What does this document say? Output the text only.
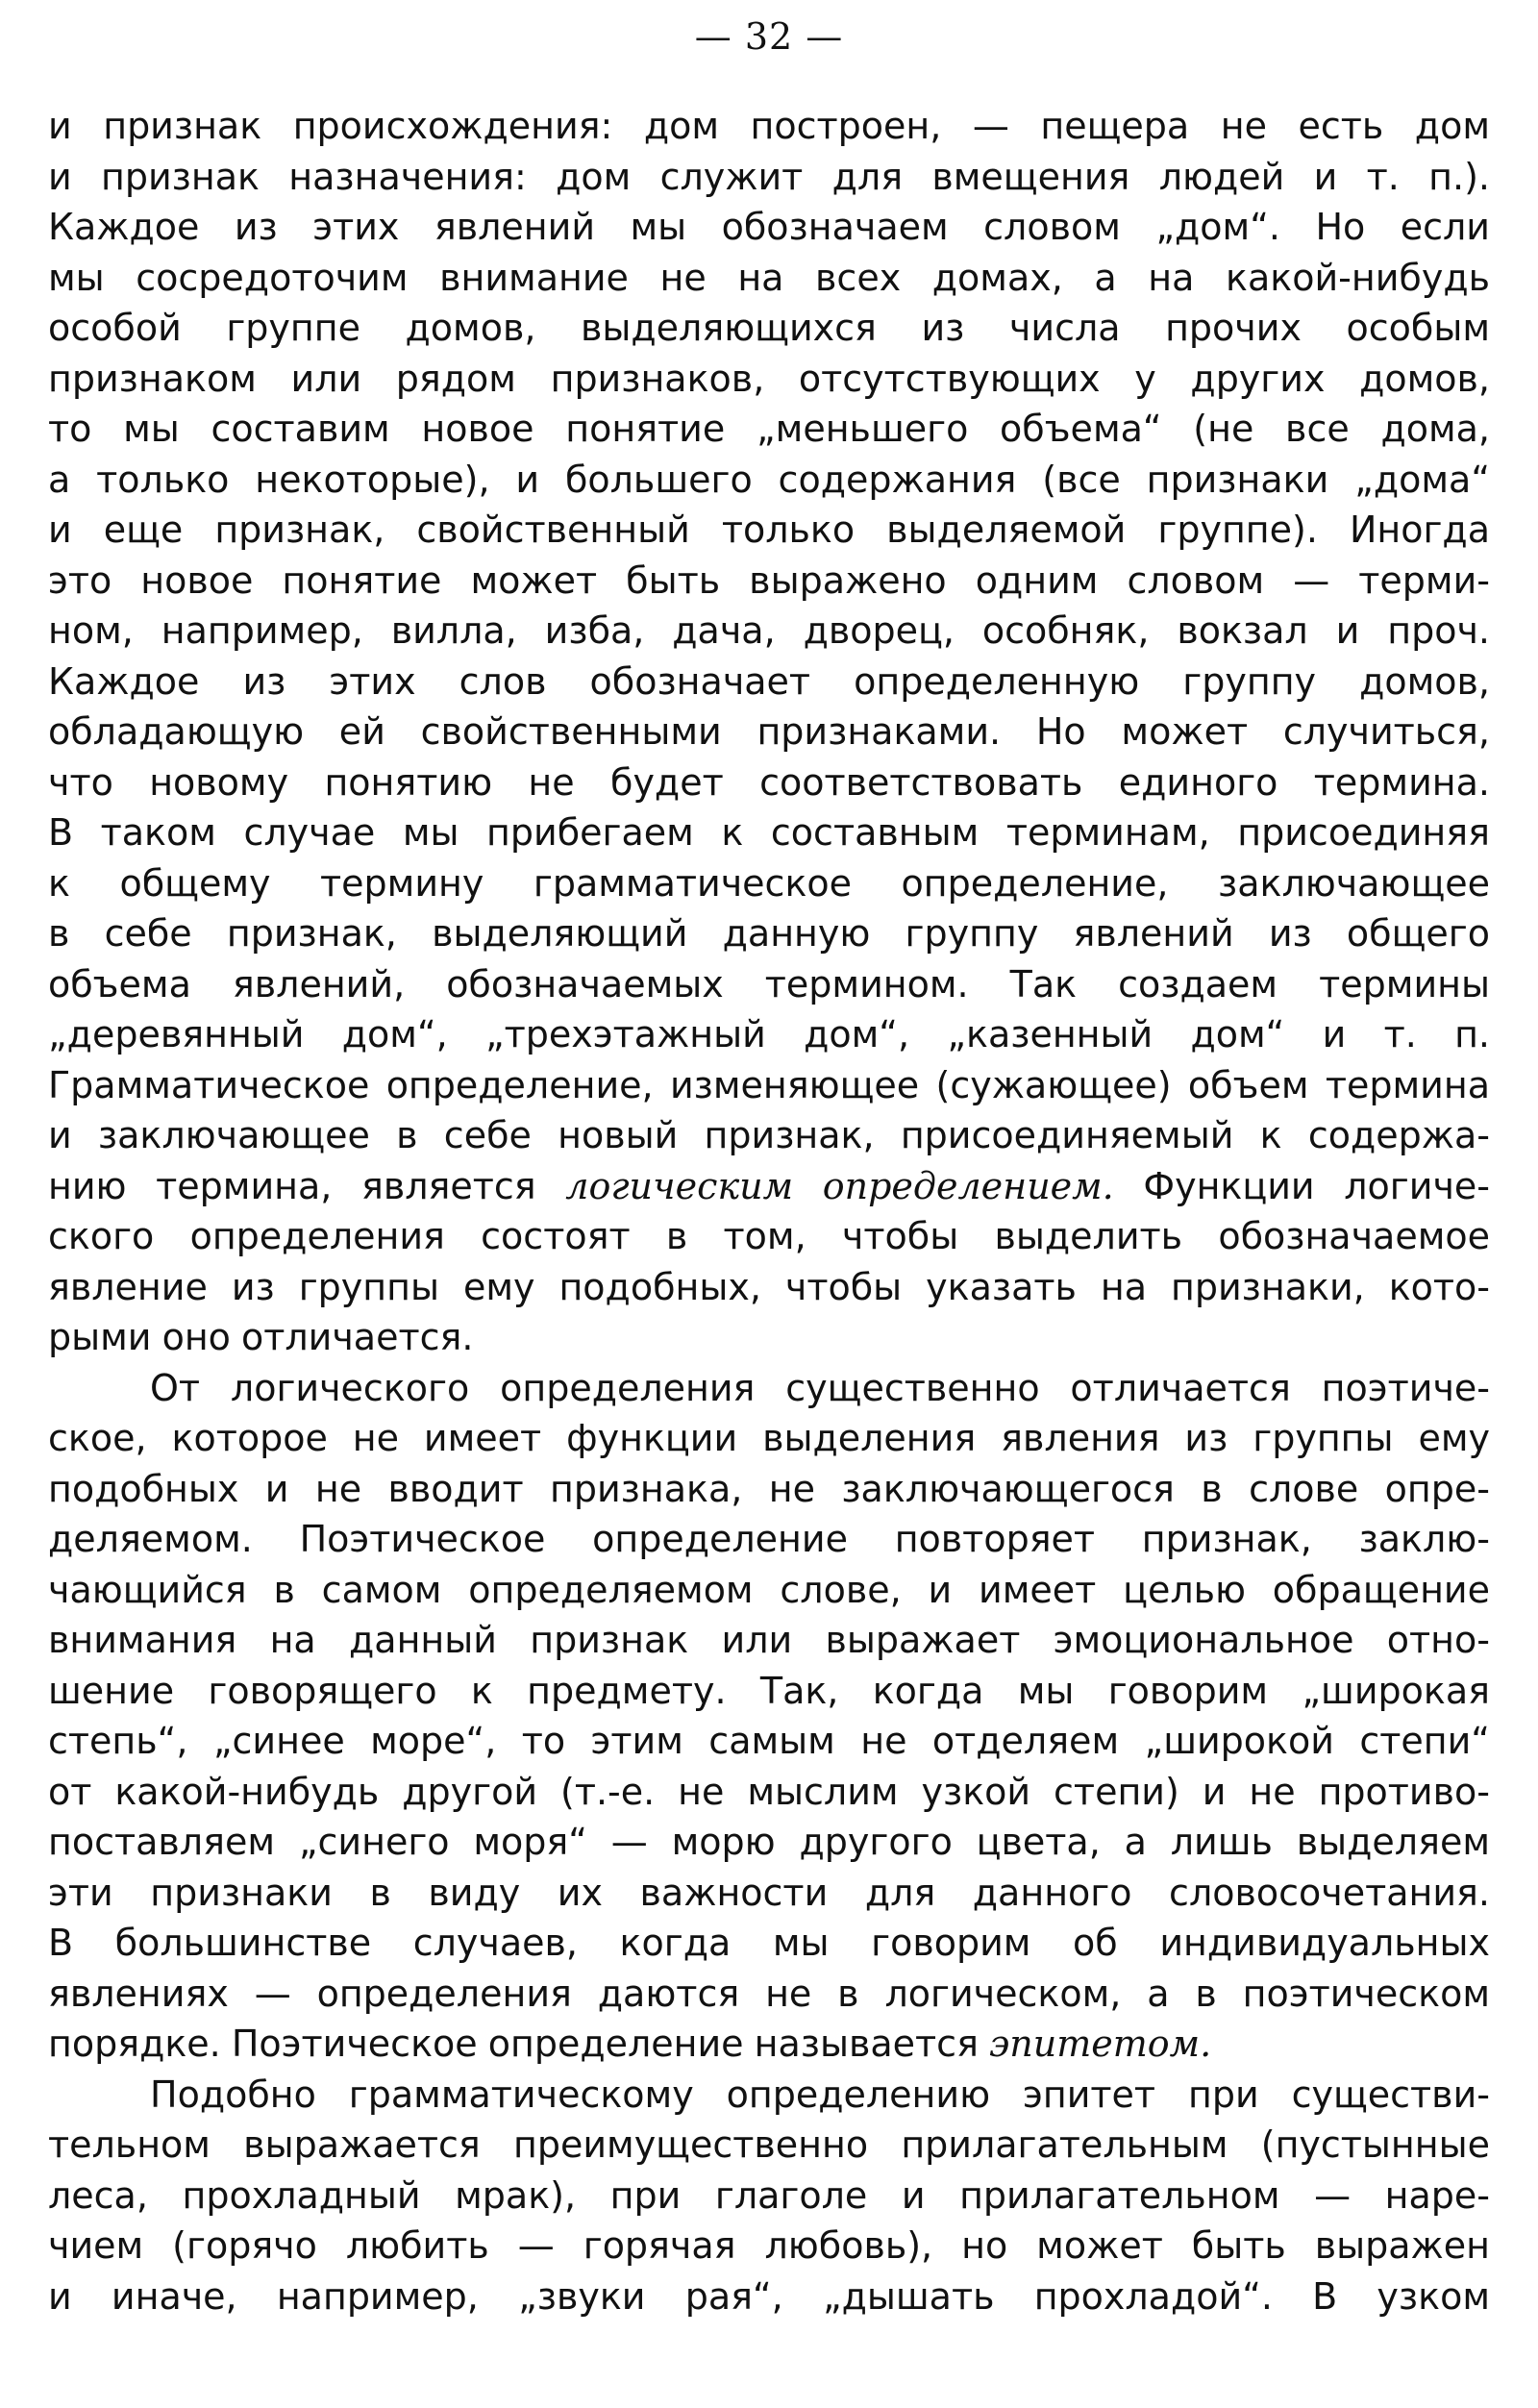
— 32 —
и признак происхождения: дом построен, — пещера не есть дом
и признак назначения: дом служит для вмещения людей и т. п.).
Каждое из этих явлений мы обозначаем словом „дом“. Но если
мы сосредоточим внимание не на всех домах, а на какой-нибудь
особой группе домов, выделяющихся из числа прочих особым
признаком или рядом признаков, отсутствующих у других домов,
то мы составим новое понятие „меньшего объема“ (не все дома,
а только некоторые), и большего содержания (все признаки „дома“
и еще признак, свойственный только выделяемой группе). Иногда
это новое понятие может быть выражено одним словом — терми-
ном, например, вилла, изба, дача, дворец, особняк, вокзал и проч.
Каждое из этих слов обозначает определенную группу домов,
обладающую ей свойственными признаками. Но может случиться,
что новому понятию не будет соответствовать единого термина.
В таком случае мы прибегаем к составным терминам, присоединяя
к общему термину грамматическое определение, заключающее
в себе признак, выделяющий данную группу явлений из общего
объема явлений, обозначаемых термином. Так создаем термины
„деревянный дом“, „трехэтажный дом“, „казенный дом“ и т. п.
Грамматическое определение, изменяющее (сужающее) объем термина
и заключающее в себе новый признак, присоединяемый к содержа-
нию термина, является логическим определением. Функции логиче-
ского определения состоят в том, чтобы выделить обозначаемое
явление из группы ему подобных, чтобы указать на признаки, кото-
рыми оно отличается.
От логического определения существенно отличается поэтиче-
ское, которое не имеет функции выделения явления из группы ему
подобных и не вводит признака, не заключающегося в слове опре-
деляемом. Поэтическое определение повторяет признак, заклю-
чающийся в самом определяемом слове, и имеет целью обращение
внимания на данный признак или выражает эмоциональное отно-
шение говорящего к предмету. Так, когда мы говорим „широкая
степь“, „синее море“, то этим самым не отделяем „широкой степи“
от какой-нибудь другой (т.-е. не мыслим узкой степи) и не противо-
поставляем „синего моря“ — морю другого цвета, а лишь выделяем
эти признаки в виду их важности для данного словосочетания.
В большинстве случаев, когда мы говорим об индивидуальных
явлениях — определения даются не в логическом, а в поэтическом
порядке. Поэтическое определение называется эпитетом.
Подобно грамматическому определению эпитет при существи-
тельном выражается преимущественно прилагательным (пустынные
леса, прохладный мрак), при глаголе и прилагательном — наре-
чием (горячо любить — горячая любовь), но может быть выражен
и иначе, например, „звуки рая“, „дышать прохладой“. В узком
